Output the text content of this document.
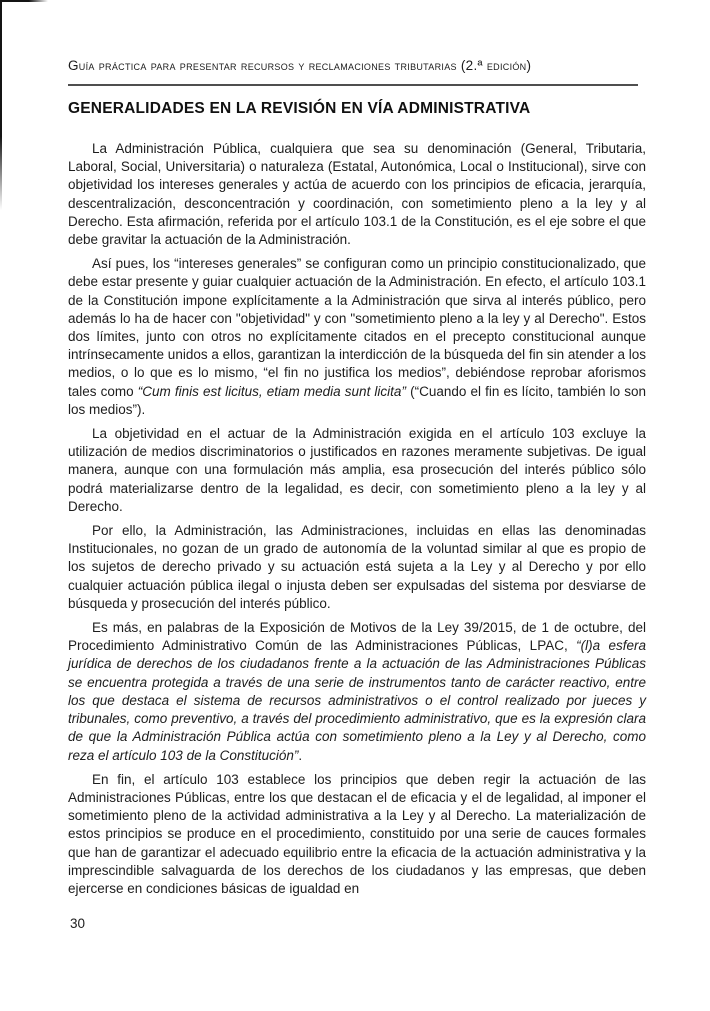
Guía práctica para presentar recursos y reclamaciones tributarias (2.ª edición)
GENERALIDADES EN LA REVISIÓN EN VÍA ADMINISTRATIVA

La Administración Pública, cualquiera que sea su denominación (General, Tributaria, Laboral, Social, Universitaria) o naturaleza (Estatal, Autonómica, Local o Institucional), sirve con objetividad los intereses generales y actúa de acuerdo con los principios de eficacia, jerarquía, descentralización, desconcentración y coordinación, con sometimiento pleno a la ley y al Derecho. Esta afirmación, referida por el artículo 103.1 de la Constitución, es el eje sobre el que debe gravitar la actuación de la Administración.

Así pues, los “intereses generales” se configuran como un principio constitucionalizado, que debe estar presente y guiar cualquier actuación de la Administración. En efecto, el artículo 103.1 de la Constitución impone explícitamente a la Administración que sirva al interés público, pero además lo ha de hacer con "objetividad" y con "sometimiento pleno a la ley y al Derecho". Estos dos límites, junto con otros no explícitamente citados en el precepto constitucional aunque intrínsecamente unidos a ellos, garantizan la interdicción de la búsqueda del fin sin atender a los medios, o lo que es lo mismo, “el fin no justifica los medios”, debiéndose reprobar aforismos tales como “Cum finis est licitus, etiam media sunt licita” (“Cuando el fin es lícito, también lo son los medios”).

La objetividad en el actuar de la Administración exigida en el artículo 103 excluye la utilización de medios discriminatorios o justificados en razones meramente subjetivas. De igual manera, aunque con una formulación más amplia, esa prosecución del interés público sólo podrá materializarse dentro de la legalidad, es decir, con sometimiento pleno a la ley y al Derecho.

Por ello, la Administración, las Administraciones, incluidas en ellas las denominadas Institucionales, no gozan de un grado de autonomía de la voluntad similar al que es propio de los sujetos de derecho privado y su actuación está sujeta a la Ley y al Derecho y por ello cualquier actuación pública ilegal o injusta deben ser expulsadas del sistema por desviarse de búsqueda y prosecución del interés público.

Es más, en palabras de la Exposición de Motivos de la Ley 39/2015, de 1 de octubre, del Procedimiento Administrativo Común de las Administraciones Públicas, LPAC, “(l)a esfera jurídica de derechos de los ciudadanos frente a la actuación de las Administraciones Públicas se encuentra protegida a través de una serie de instrumentos tanto de carácter reactivo, entre los que destaca el sistema de recursos administrativos o el control realizado por jueces y tribunales, como preventivo, a través del procedimiento administrativo, que es la expresión clara de que la Administración Pública actúa con sometimiento pleno a la Ley y al Derecho, como reza el artículo 103 de la Constitución”.

En fin, el artículo 103 establece los principios que deben regir la actuación de las Administraciones Públicas, entre los que destacan el de eficacia y el de legalidad, al imponer el sometimiento pleno de la actividad administrativa a la Ley y al Derecho. La materialización de estos principios se produce en el procedimiento, constituido por una serie de cauces formales que han de garantizar el adecuado equilibrio entre la eficacia de la actuación administrativa y la imprescindible salvaguarda de los derechos de los ciudadanos y las empresas, que deben ejercerse en condiciones básicas de igualdad en

30
